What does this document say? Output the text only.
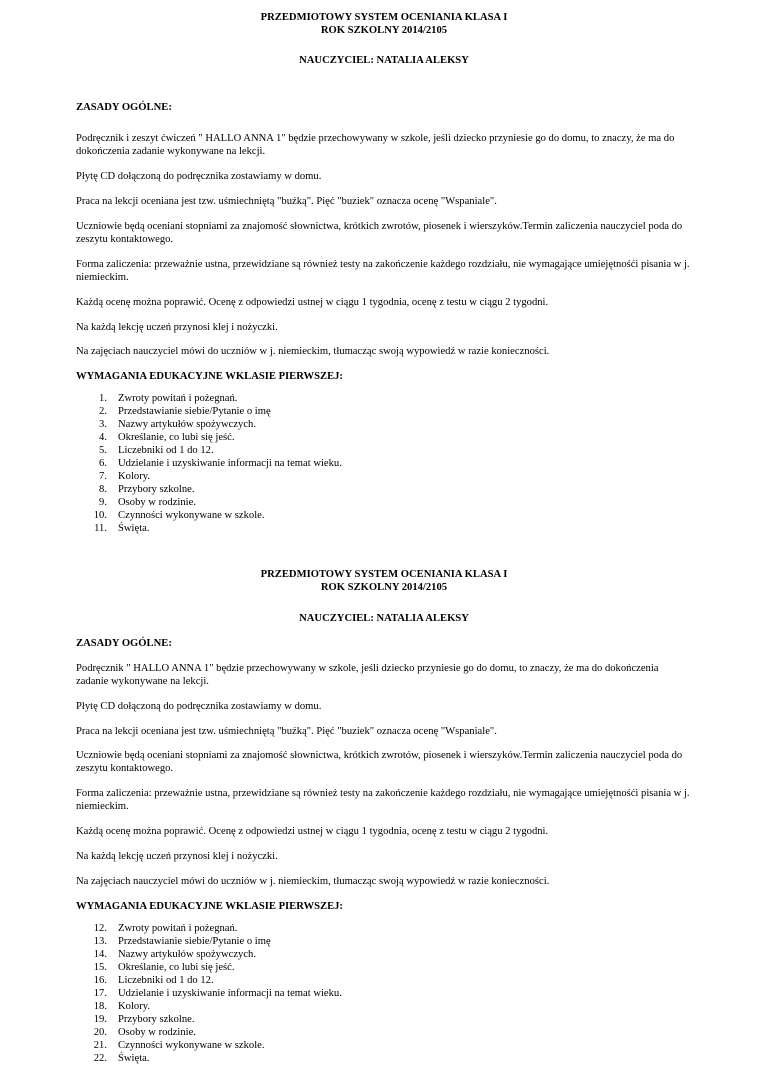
PRZEDMIOTOWY SYSTEM OCENIANIA KLASA I
ROK SZKOLNY 2014/2105
NAUCZYCIEL: NATALIA ALEKSY
ZASADY OGÓLNE:

Podręcznik i zeszyt ćwiczeń " HALLO ANNA 1" będzie przechowywany w szkole, jeśli dziecko przyniesie go do domu, to znaczy, że ma do dokończenia zadanie wykonywane na lekcji.

Płytę CD dołączoną do podręcznika zostawiamy w domu.

Praca na lekcji oceniana jest tzw. uśmiechniętą "buźką". Pięć "buziek" oznacza ocenę "Wspaniale".

Uczniowie będą oceniani stopniami za znajomość słownictwa, krótkich zwrotów, piosenek i wierszyków.Termin zaliczenia nauczyciel poda do zeszytu kontaktowego.

Forma zaliczenia: przeważnie ustna, przewidziane są również testy na zakończenie każdego rozdziału, nie wymagające umiejętnośći pisania w j. niemieckim.

Każdą ocenę można poprawić. Ocenę z odpowiedzi ustnej w ciągu 1 tygodnia, ocenę z testu w ciągu 2 tygodni.

Na każdą lekcję uczeń przynosi klej i nożyczki.

Na zajęciach nauczyciel mówi do uczniów w j. niemieckim, tłumacząc swoją wypowiedź w razie konieczności.

WYMAGANIA EDUKACYJNE WKLASIE PIERWSZEJ:
1.	Zwroty powitań i pożegnań.
2.	Przedstawianie siebie/Pytanie o imę
3.	Nazwy artykułów spożywczych.
4.	Określanie, co lubi się jeść.
5.	Liczebniki od 1 do 12.
6.	Udzielanie i uzyskiwanie informacji na temat wieku.
7.	Kolory.
8.	Przybory szkolne.
9.	Osoby w rodzinie.
10.	Czynności wykonywane w szkole.
11.	Święta.
PRZEDMIOTOWY SYSTEM OCENIANIA KLASA I
ROK SZKOLNY 2014/2105
NAUCZYCIEL: NATALIA ALEKSY
ZASADY OGÓLNE:

Podręcznik " HALLO ANNA 1" będzie przechowywany w szkole, jeśli dziecko przyniesie go do domu, to znaczy, że ma do dokończenia zadanie wykonywane na lekcji.

Płytę CD dołączoną do podręcznika zostawiamy w domu.

Praca na lekcji oceniana jest tzw. uśmiechniętą "buźką". Pięć "buziek" oznacza ocenę "Wspaniale".

Uczniowie będą oceniani stopniami za znajomość słownictwa, krótkich zwrotów, piosenek i wierszyków.Termin zaliczenia nauczyciel poda do zeszytu kontaktowego.

Forma zaliczenia: przeważnie ustna, przewidziane są również testy na zakończenie każdego rozdziału, nie wymagające umiejętnośći pisania w j. niemieckim.

Każdą ocenę można poprawić. Ocenę z odpowiedzi ustnej w ciągu 1 tygodnia, ocenę z testu w ciągu 2 tygodni.

Na każdą lekcję uczeń przynosi klej i nożyczki.

Na zajęciach nauczyciel mówi do uczniów w j. niemieckim, tłumacząc swoją wypowiedź w razie konieczności.

WYMAGANIA EDUKACYJNE WKLASIE PIERWSZEJ:
12.	Zwroty powitań i pożegnań.
13.	Przedstawianie siebie/Pytanie o imę
14.	Nazwy artykułów spożywczych.
15.	Określanie, co lubi się jeść.
16.	Liczebniki od 1 do 12.
17.	Udzielanie i uzyskiwanie informacji na temat wieku.
18.	Kolory.
19.	Przybory szkolne.
20.	Osoby w rodzinie.
21.	Czynności wykonywane w szkole.
22.	Święta.
